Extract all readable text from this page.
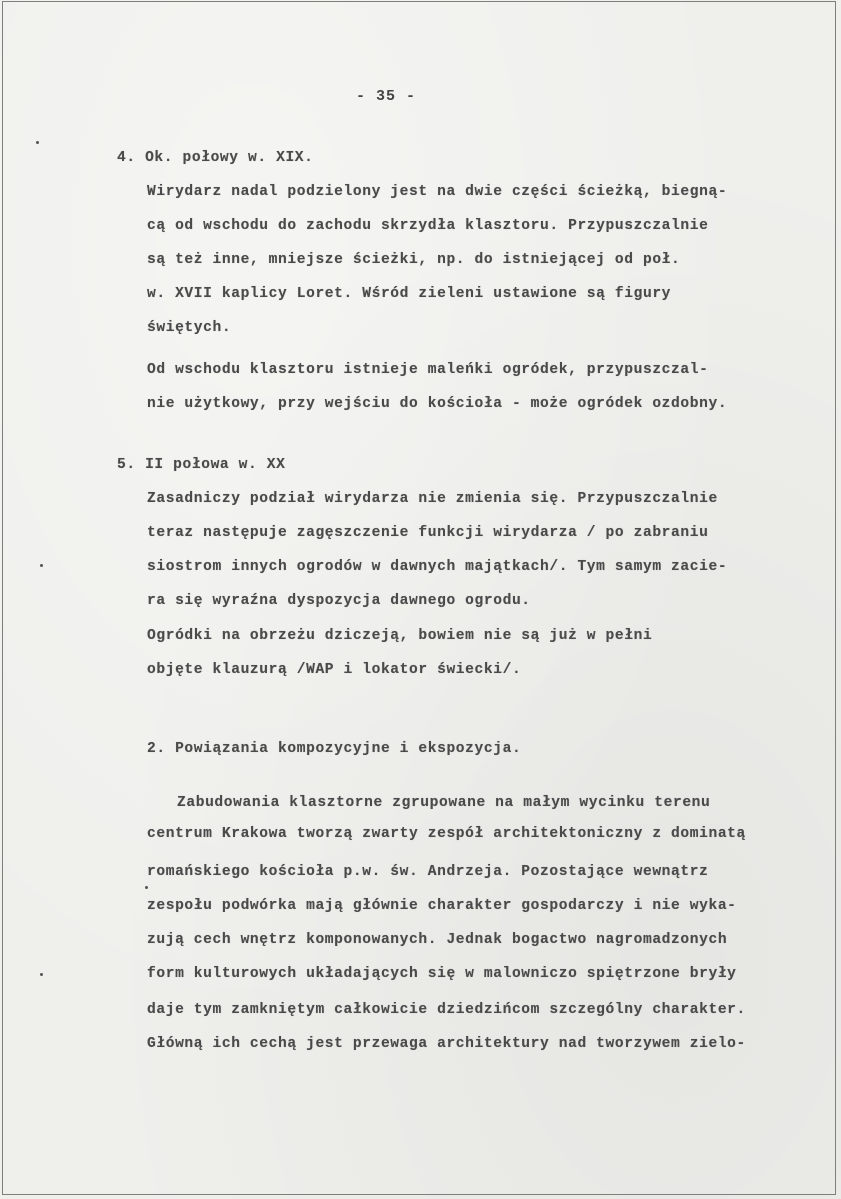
- 35 -
4. Ok. połowy w. XIX.
Wirydarz nadal podzielony jest na dwie części ścieżką, biegną-
cą od wschodu do zachodu skrzydła klasztoru. Przypuszczalnie
są też inne, mniejsze ścieżki, np. do istniejącej od poł.
w. XVII kaplicy Loret. Wśród zieleni ustawione są figury
świętych.
Od wschodu klasztoru istnieje maleńki ogródek, przypuszczal-
nie użytkowy, przy wejściu do kościoła - może ogródek ozdobny.
5. II połowa w. XX
Zasadniczy podział wirydarza nie zmienia się. Przypuszczalnie
teraz następuje zagęszczenie funkcji wirydarza / po zabraniu
siostrom innych ogrodów w dawnych majątkach/. Tym samym zacie-
ra się wyraźna dyspozycja dawnego ogrodu.
Ogródki na obrzeżu dziczeją, bowiem nie są już w pełni
objęte klauzurą /WAP i lokator świecki/.
2. Powiązania kompozycyjne i ekspozycja.
Zabudowania klasztorne zgrupowane na małym wycinku terenu
centrum Krakowa tworzą zwarty zespół architektoniczny z dominatą
romańskiego kościoła p.w. św. Andrzeja. Pozostające wewnątrz
zespołu podwórka mają głównie charakter gospodarczy i nie wyka-
zują cech wnętrz komponowanych. Jednak bogactwo nagromadzonych
form kulturowych układających się w malowniczo spiętrzone bryły
daje tym zamkniętym całkowicie dziedzińcom szczególny charakter.
Główną ich cechą jest przewaga architektury nad tworzywem zielo-
